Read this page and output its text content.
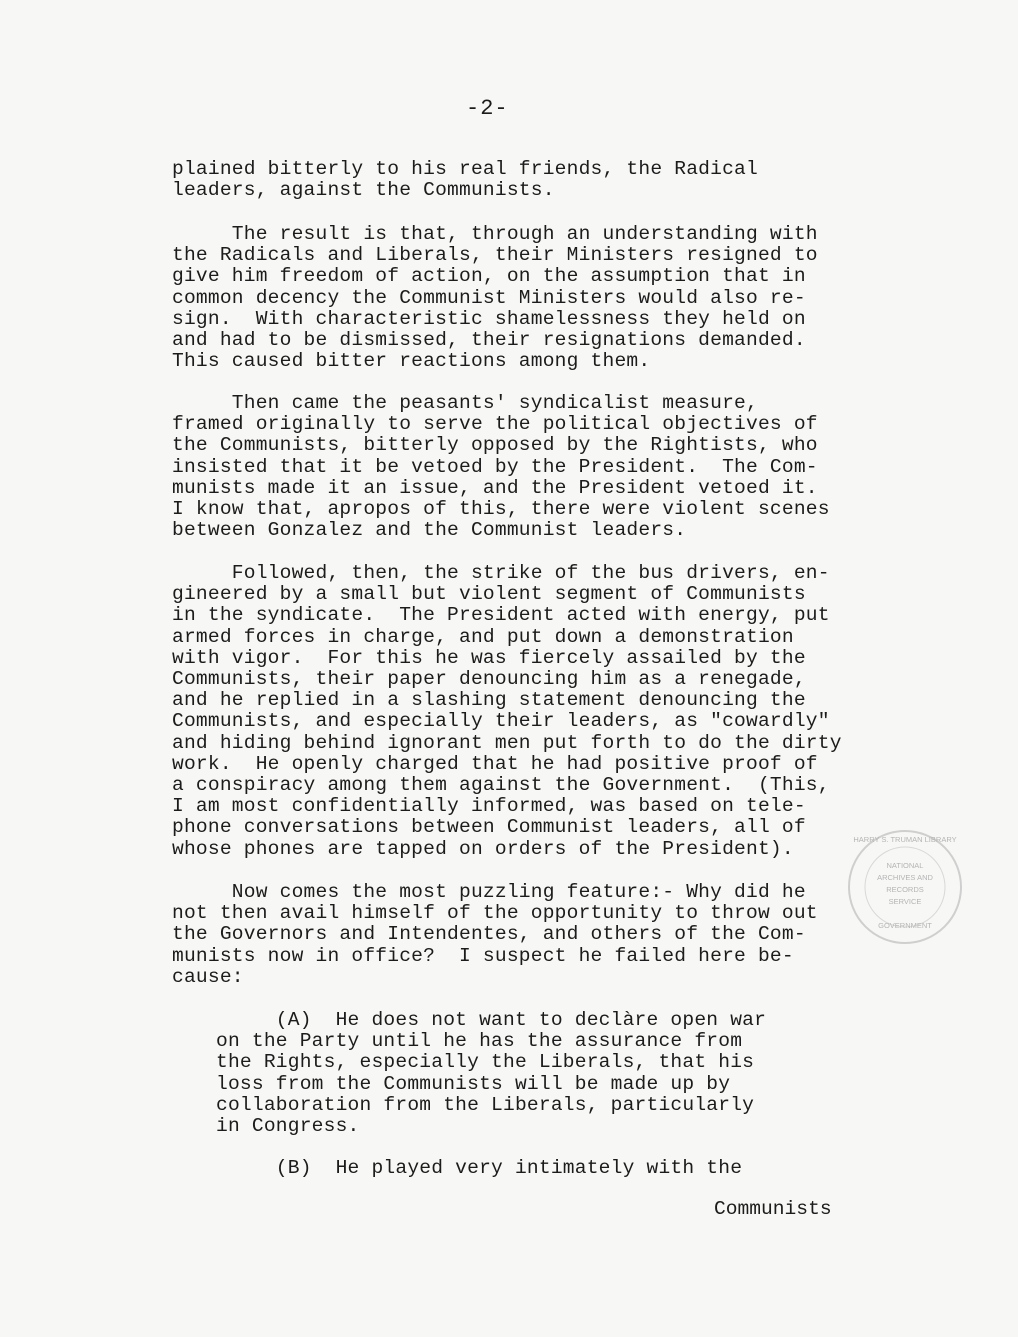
-2-

plained bitterly to his real friends, the Radical
leaders, against the Communists.

The result is that, through an understanding with
the Radicals and Liberals, their Ministers resigned to
give him freedom of action, on the assumption that in
common decency the Communist Ministers would also re-
sign.  With characteristic shamelessness they held on
and had to be dismissed, their resignations demanded.
This caused bitter reactions among them.

Then came the peasants' syndicalist measure,
framed originally to serve the political objectives of
the Communists, bitterly opposed by the Rightists, who
insisted that it be vetoed by the President.  The Com-
munists made it an issue, and the President vetoed it.
I know that, apropos of this, there were violent scenes
between Gonzalez and the Communist leaders.

Followed, then, the strike of the bus drivers, en-
gineered by a small but violent segment of Communists
in the syndicate.  The President acted with energy, put
armed forces in charge, and put down a demonstration
with vigor.  For this he was fiercely assailed by the
Communists, their paper denouncing him as a renegade,
and he replied in a slashing statement denouncing the
Communists, and especially their leaders, as "cowardly"
and hiding behind ignorant men put forth to do the dirty
work.  He openly charged that he had positive proof of
a conspiracy among them against the Government.  (This,
I am most confidentially informed, was based on tele-
phone conversations between Communist leaders, all of
whose phones are tapped on orders of the President).

Now comes the most puzzling feature:- Why did he
not then avail himself of the opportunity to throw out
the Governors and Intendentes, and others of the Com-
munists now in office?  I suspect he failed here be-
cause:

(A)  He does not want to declàre open war
on the Party until he has the assurance from
the Rights, especially the Liberals, that his
loss from the Communists will be made up by
collaboration from the Liberals, particularly
in Congress.

(B)  He played very intimately with the

Communists
NATIONAL
ARCHIVES AND
RECORDS
SERVICE
GOVERNMENT
HARRY S. TRUMAN LIBRARY
